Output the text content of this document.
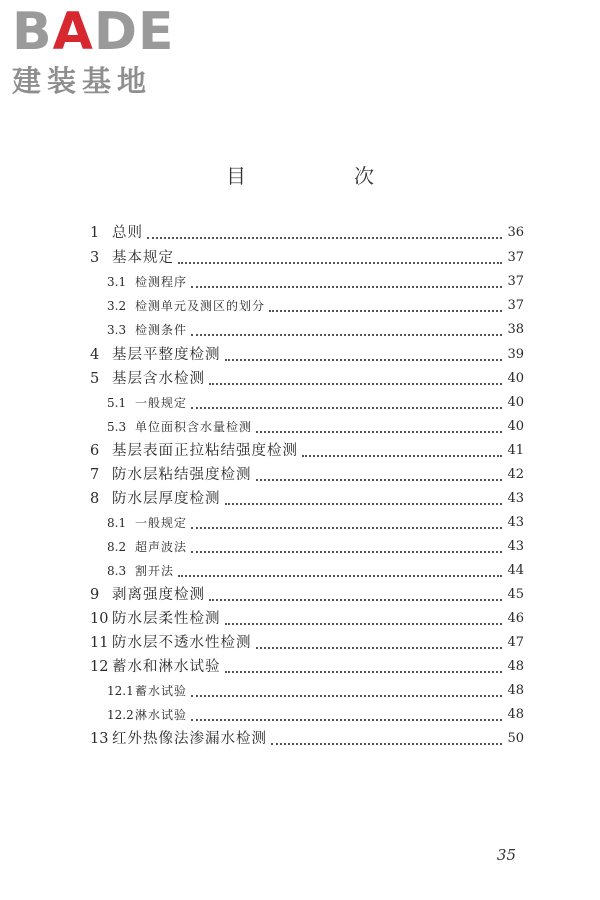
BADE
建装基地
目　次
1 总则	36
3 基本规定	37
3.1 检测程序	37
3.2 检测单元及测区的划分	37
3.3 检测条件	38
4 基层平整度检测	39
5 基层含水检测	40
5.1 一般规定	40
5.3 单位面积含水量检测	40
6 基层表面正拉粘结强度检测	41
7 防水层粘结强度检测	42
8 防水层厚度检测	43
8.1 一般规定	43
8.2 超声波法	43
8.3 割开法	44
9 剥离强度检测	45
10 防水层柔性检测	46
11 防水层不透水性检测	47
12 蓄水和淋水试验	48
12.1 蓄水试验	48
12.2 淋水试验	48
13 红外热像法渗漏水检测	50
35
